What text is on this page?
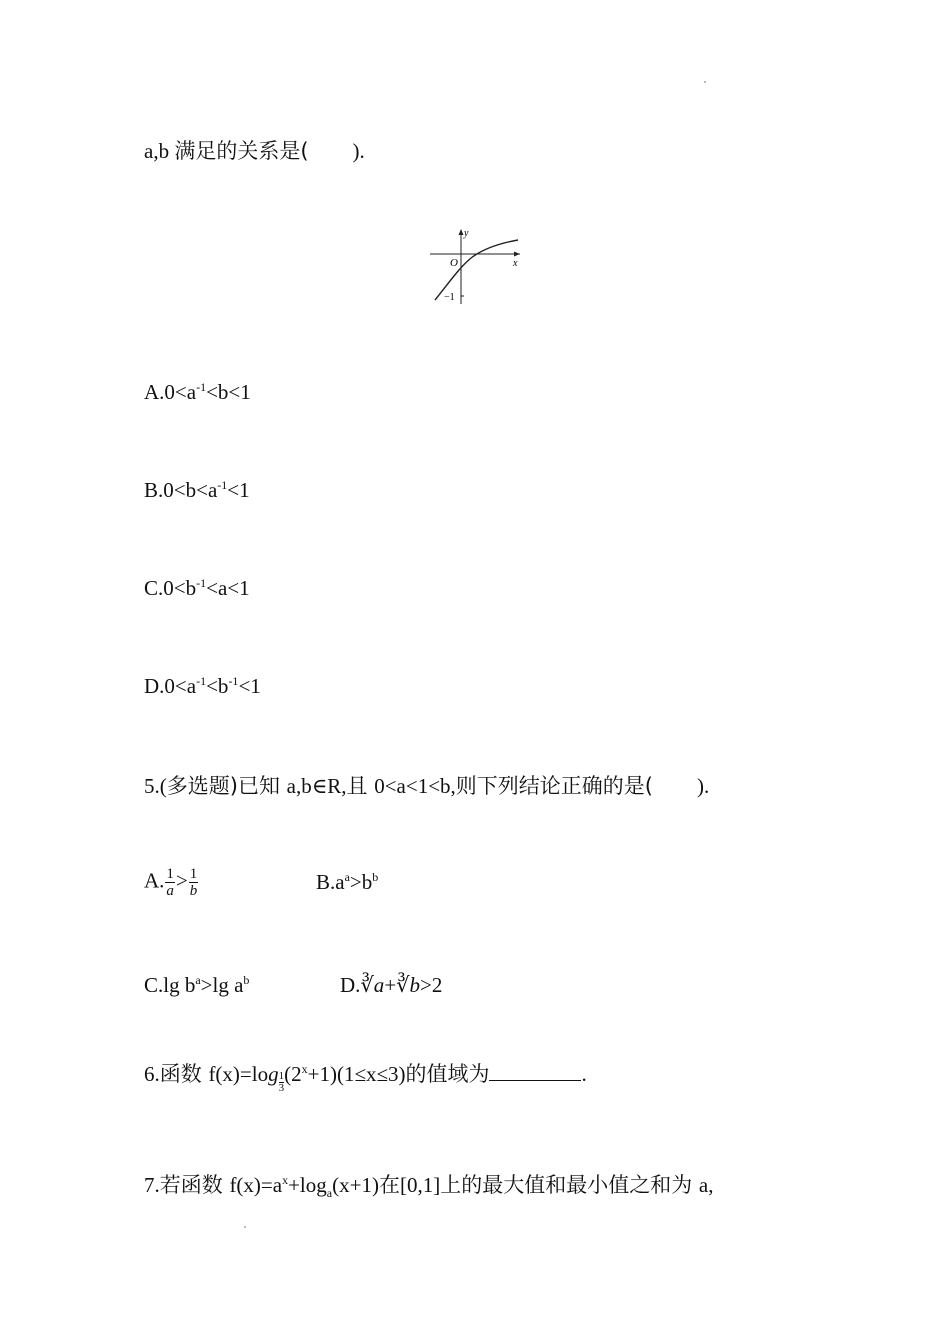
a,b 满足的关系是( ).
y
x
O
−1
$A.0<a^{-1}<b<1$
$B.0<b<a^{-1}<1$
$C.0<b^{-1}<a<1$
$D.0<a^{-1}<b^{-1}<1$
5.(多选题)已知 a,b∈R,且 0<a<1<b,则下列结论正确的是( ).
A. $\frac{1}{a} > \frac{1}{b}$	$B.a^a>b^b$
C.lg $b^a>\lg$ $a^b$	D.∛a+∛b>2
6.函数 $f(x)=\log \frac{1}{3} (2^x+1)(1\le x\le 3)$的值域为	.
7.若函数 $f(x)=a^x+\log_a(x+1)$在[0,1]上的最大值和最小值之和为 a,
